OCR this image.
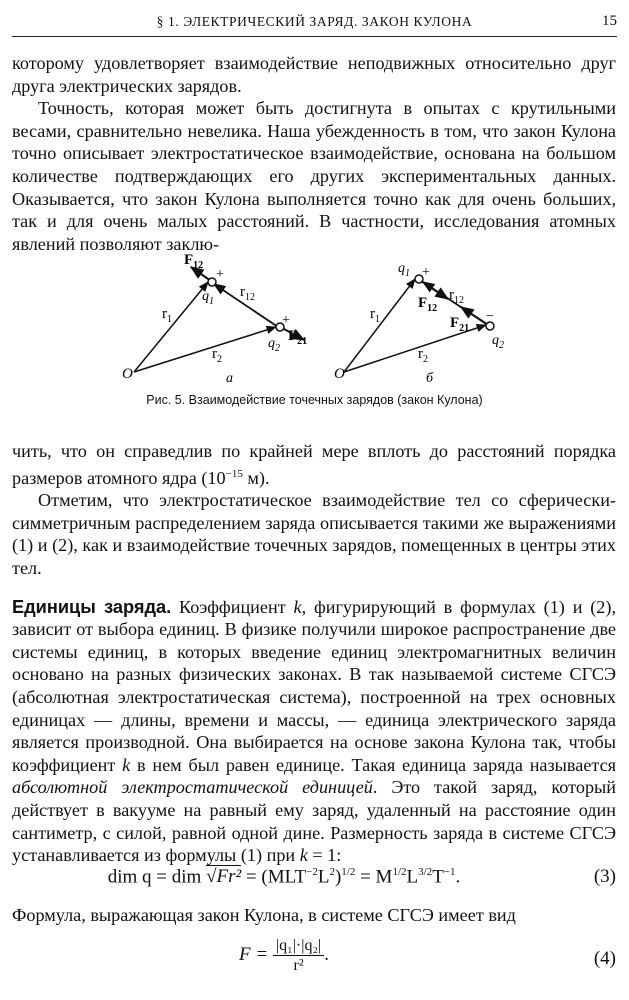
§ 1. ЭЛЕКТРИЧЕСКИЙ ЗАРЯД. ЗАКОН КУЛОНА	15

которому удовлетворяет взаимодействие неподвижных относительно друг друга электрических зарядов.

Точность, которая может быть достигнута в опытах с крутильными весами, сравнительно невелика. Наша убежденность в том, что закон Кулона точно описывает электростатическое взаимодействие, основана на большом количестве подтверждающих его других экспериментальных данных. Оказывается, что закон Кулона выполняется точно как для очень больших, так и для очень малых расстояний. В частности, исследования атомных явлений позволяют заклю-

O
$r_1$
$r_2$
$r_{12}$
$F_{12}$
$F_{21}$
$q_1$
$q_2$
+
+
а	O
$r_1$
$r_2$
$r_{12}$
$F_{12}$
$F_{21}$
$q_1$
$q_2$
+
−
б
Рис. 5. Взаимодействие точечных зарядов (закон Кулона)

чить, что он справедлив по крайней мере вплоть до расстояний порядка размеров атомного ядра ($10^{-15}$ м).

Отметим, что электростатическое взаимодействие тел со сферически-симметричным распределением заряда описывается такими же выражениями (1) и (2), как и взаимодействие точечных зарядов, помещенных в центры этих тел.

Единицы заряда. Коэффициент k, фигурирующий в формулах (1) и (2), зависит от выбора единиц. В физике получили широкое распространение две системы единиц, в которых введение единиц электромагнитных величин основано на разных физических законах. В так называемой системе СГСЭ (абсолютная электростатическая система), построенной на трех основных единицах — длины, времени и массы, — единица электрического заряда является производной. Она выбирается на основе закона Кулона так, чтобы коэффициент k в нем был равен единице. Такая единица заряда называется абсолютной электростатической единицей. Это такой заряд, который действует в вакууме на равный ему заряд, удаленный на расстояние один сантиметр, с силой, равной одной дине. Размерность заряда в системе СГСЭ устанавливается из формулы (1) при k = 1:

dim q = dim $√Fr^2 = (MLT^{-2}L^2)^{1/2} = M^{1/2}L^{3/2}T^{-1}$.	(3)

Формула, выражающая закон Кулона, в системе СГСЭ имеет вид

$F = \frac{\text{|q₁|·|q₂|}}{\text{r²}}$ .	(4)
